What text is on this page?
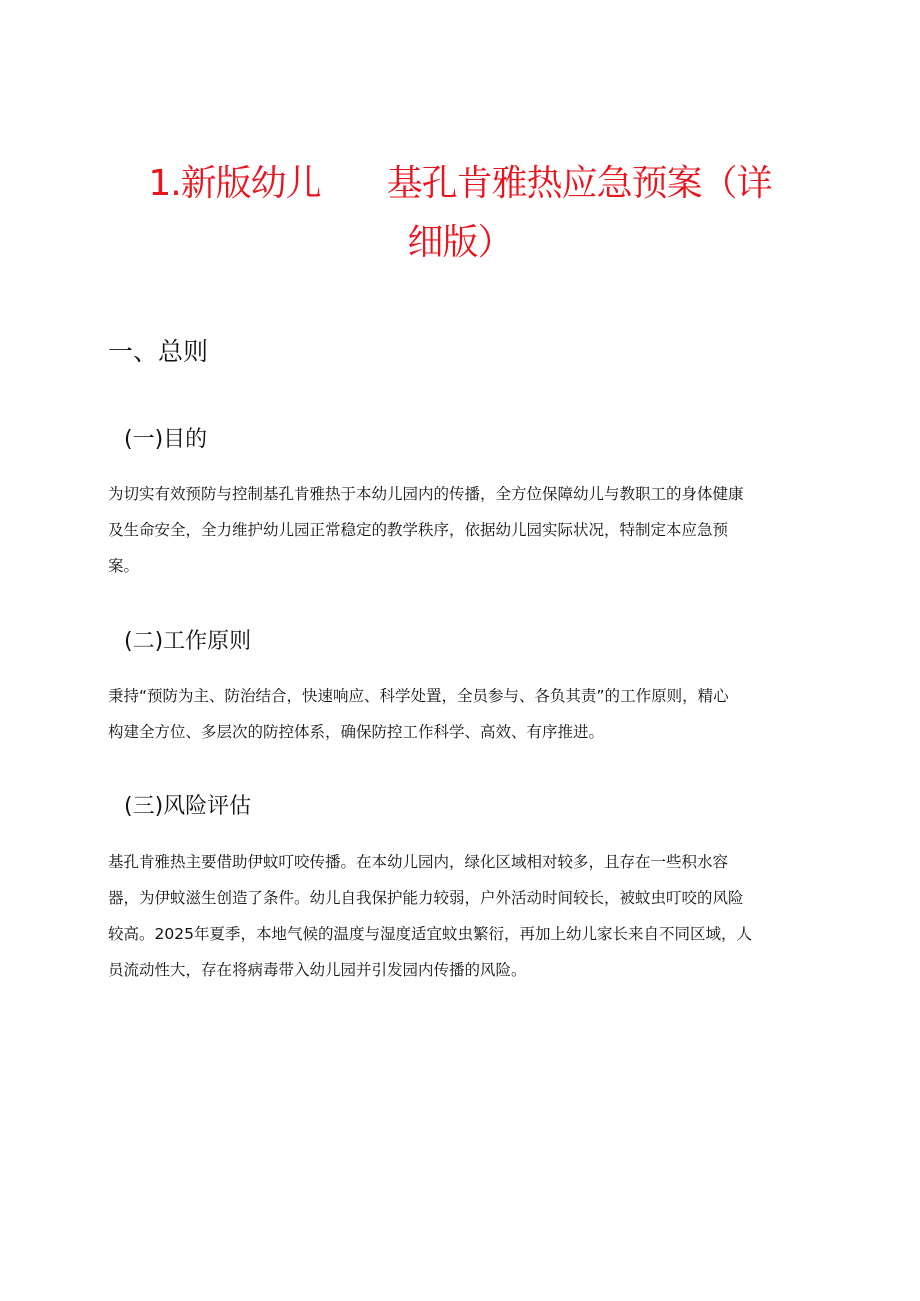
1.新版幼儿 基孔肯雅热应急预案（详
细版）
一、总则
(一)目的

为切实有效预防与控制基孔肯雅热于本幼儿园内的传播，全方位保障幼儿与教职工的身体健康
及生命安全，全力维护幼儿园正常稳定的教学秩序，依据幼儿园实际状况，特制定本应急预
案。

(二)工作原则

秉持“预防为主、防治结合，快速响应、科学处置，全员参与、各负其责”的工作原则，精心
构建全方位、多层次的防控体系，确保防控工作科学、高效、有序推进。

(三)风险评估

基孔肯雅热主要借助伊蚊叮咬传播。在本幼儿园内，绿化区域相对较多，且存在一些积水容
器，为伊蚊滋生创造了条件。幼儿自我保护能力较弱，户外活动时间较长，被蚊虫叮咬的风险
较高。2025年夏季，本地气候的温度与湿度适宜蚊虫繁衍，再加上幼儿家长来自不同区域，人
员流动性大，存在将病毒带入幼儿园并引发园内传播的风险。
